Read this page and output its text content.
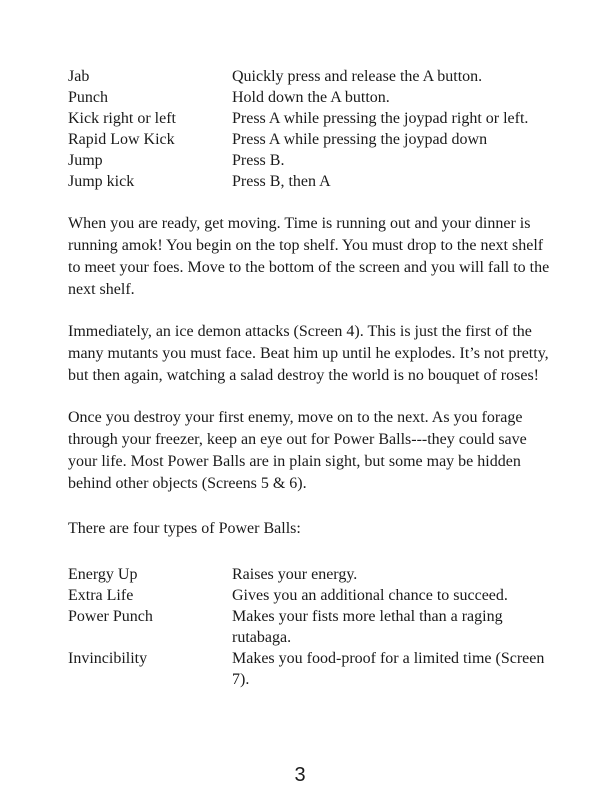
Jab	Quickly press and release the A button.

Punch	Hold down the A button.

Kick right or left	Press A while pressing the joypad right or left.

Rapid Low Kick	Press A while pressing the joypad down

Jump	Press B.

Jump kick	Press B, then A

When you are ready, get moving. Time is running out and your dinner is running amok! You begin on the top shelf. You must drop to the next shelf to meet your foes. Move to the bottom of the screen and you will fall to the next shelf.

Immediately, an ice demon attacks (Screen 4). This is just the first of the many mutants you must face. Beat him up until he explodes. It’s not pretty, but then again, watching a salad destroy the world is no bouquet of roses!

Once you destroy your first enemy, move on to the next. As you forage through your freezer, keep an eye out for Power Balls---they could save your life. Most Power Balls are in plain sight, but some may be hidden behind other objects (Screens 5 & 6).

There are four types of Power Balls:

Energy Up	Raises your energy.

Extra Life	Gives you an additional chance to succeed.

Power Punch	Makes your fists more lethal than a raging rutabaga.

Invincibility	Makes you food-proof for a limited time (Screen 7).

3
